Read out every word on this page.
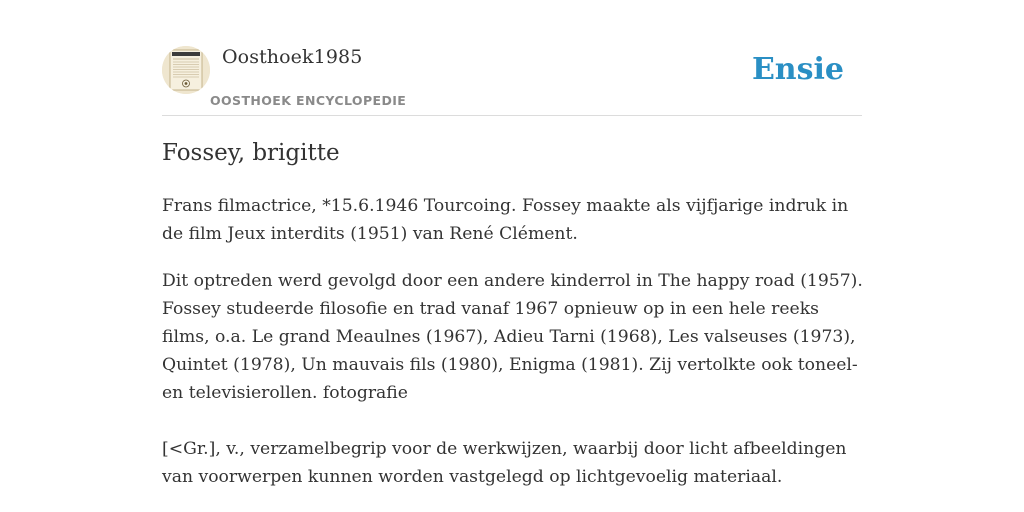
Oosthoek1985
OOSTHOEK ENCYCLOPEDIE
Ensie
Fossey, brigitte

Frans filmactrice, *15.6.1946 Tourcoing. Fossey maakte als vijfjarige indruk in de film Jeux interdits (1951) van René Clément.

Dit optreden werd gevolgd door een andere kinderrol in The happy road (1957). Fossey studeerde filosofie en trad vanaf 1967 opnieuw op in een hele reeks films, o.a. Le grand Meaulnes (1967), Adieu Tarni (1968), Les valseuses (1973), Quintet (1978), Un mauvais fils (1980), Enigma (1981). Zij vertolkte ook toneel- en televisierollen. fotografie

[<Gr.], v., verzamelbegrip voor de werkwijzen, waarbij door licht afbeeldingen van voorwerpen kunnen worden vastgelegd op lichtgevoelig materiaal.
